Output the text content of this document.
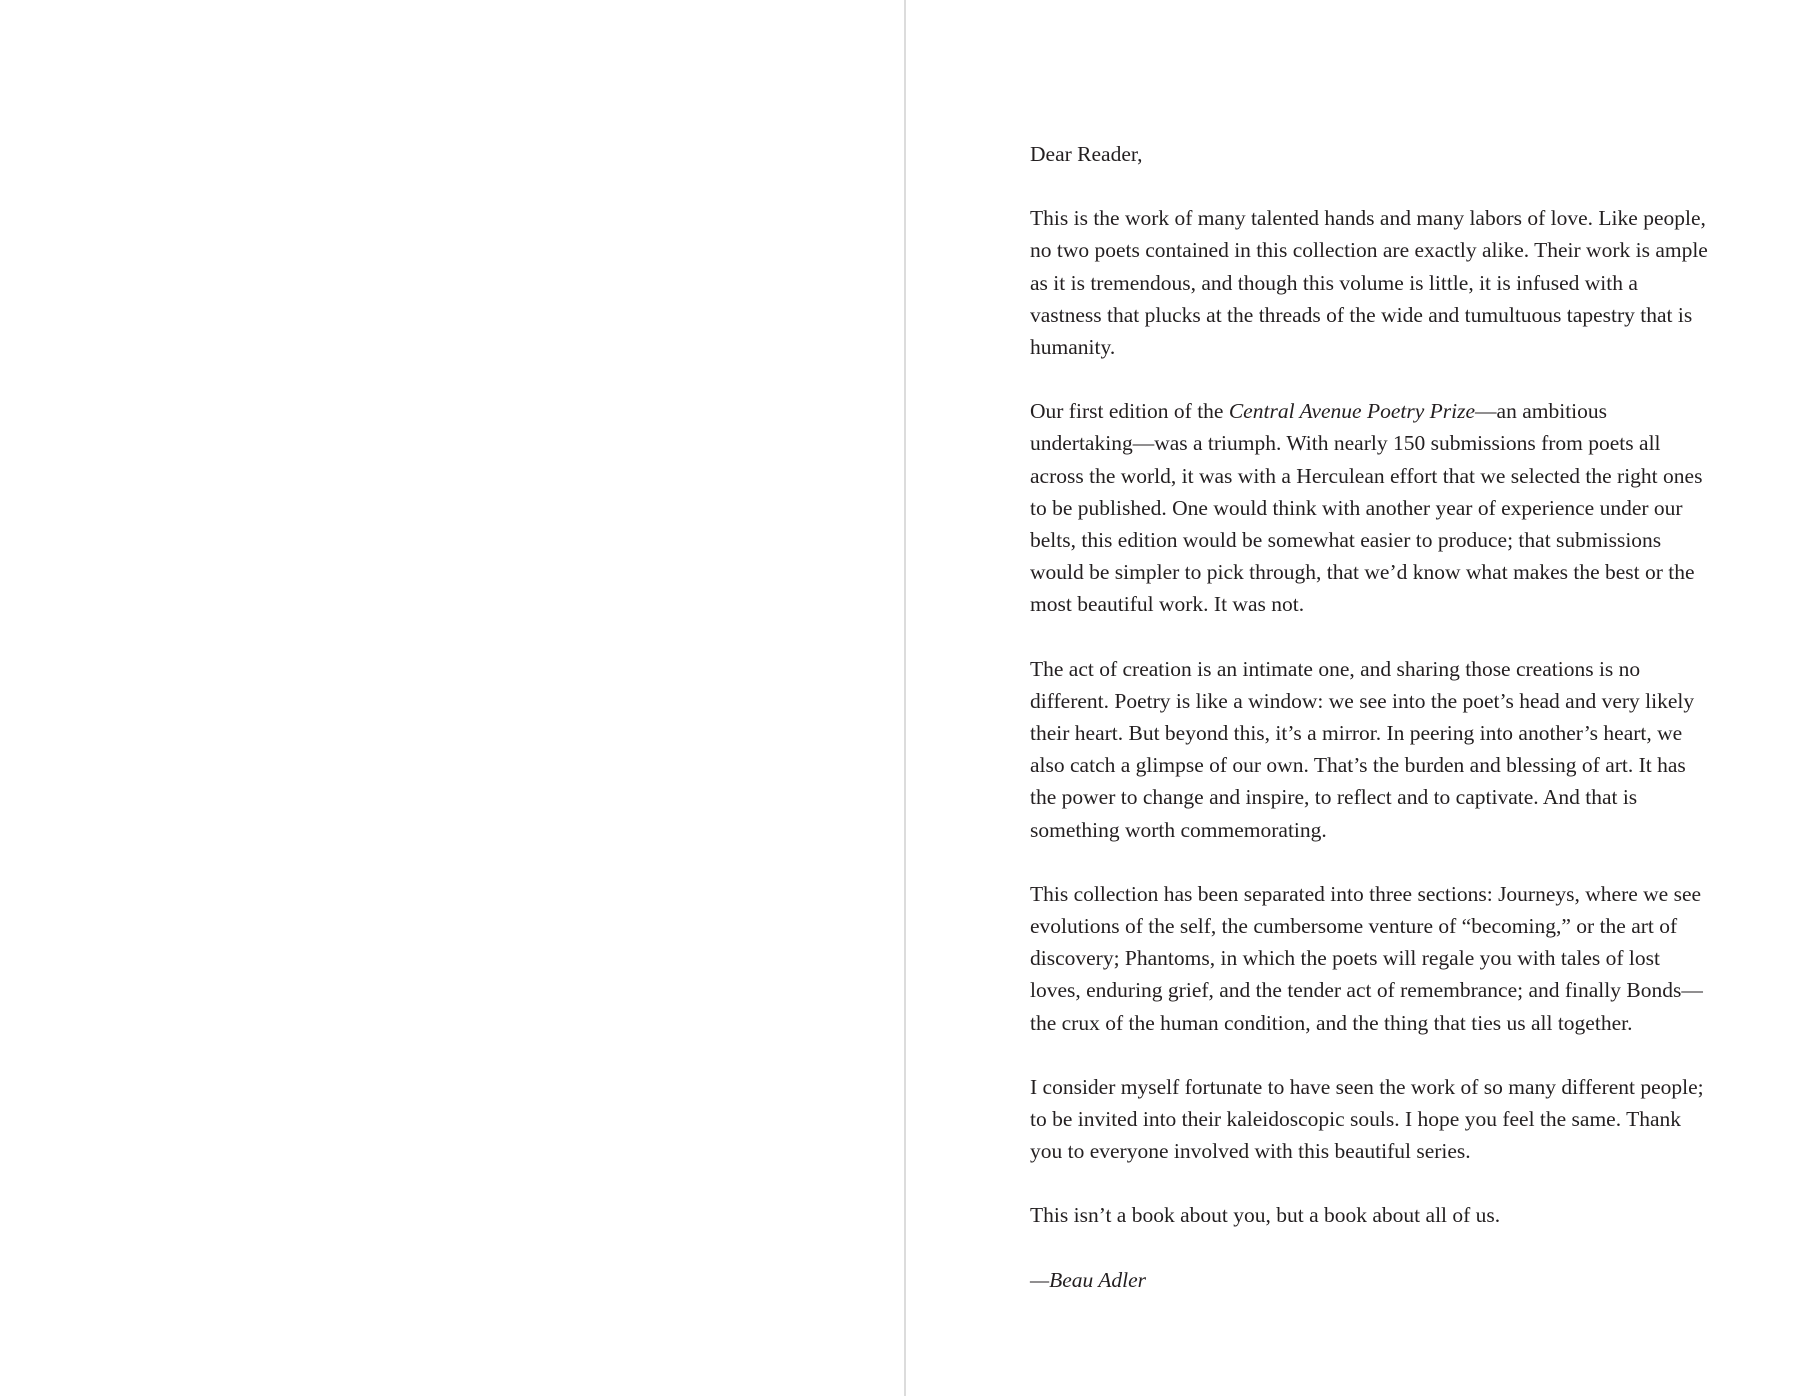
Dear Reader,

This is the work of many talented hands and many labors of love. Like people, no two poets contained in this collection are exactly alike. Their work is ample as it is tremendous, and though this volume is little, it is infused with a vastness that plucks at the threads of the wide and tumultuous tapestry that is humanity.

Our first edition of the Central Avenue Poetry Prize—an ambitious undertaking—was a triumph. With nearly 150 submissions from poets all across the world, it was with a Herculean effort that we selected the right ones to be published. One would think with another year of experience under our belts, this edition would be somewhat easier to produce; that submissions would be simpler to pick through, that we’d know what makes the best or the most beautiful work. It was not.

The act of creation is an intimate one, and sharing those creations is no different. Poetry is like a window: we see into the poet’s head and very likely their heart. But beyond this, it’s a mirror. In peering into another’s heart, we also catch a glimpse of our own. That’s the burden and blessing of art. It has the power to change and inspire, to reflect and to captivate. And that is something worth commemorating.

This collection has been separated into three sections: Journeys, where we see evolutions of the self, the cumbersome venture of “becoming,” or the art of discovery; Phantoms, in which the poets will regale you with tales of lost loves, enduring grief, and the tender act of remembrance; and finally Bonds—the crux of the human condition, and the thing that ties us all together.

I consider myself fortunate to have seen the work of so many different people; to be invited into their kaleidoscopic souls. I hope you feel the same. Thank you to everyone involved with this beautiful series.

This isn’t a book about you, but a book about all of us.

—Beau Adler
